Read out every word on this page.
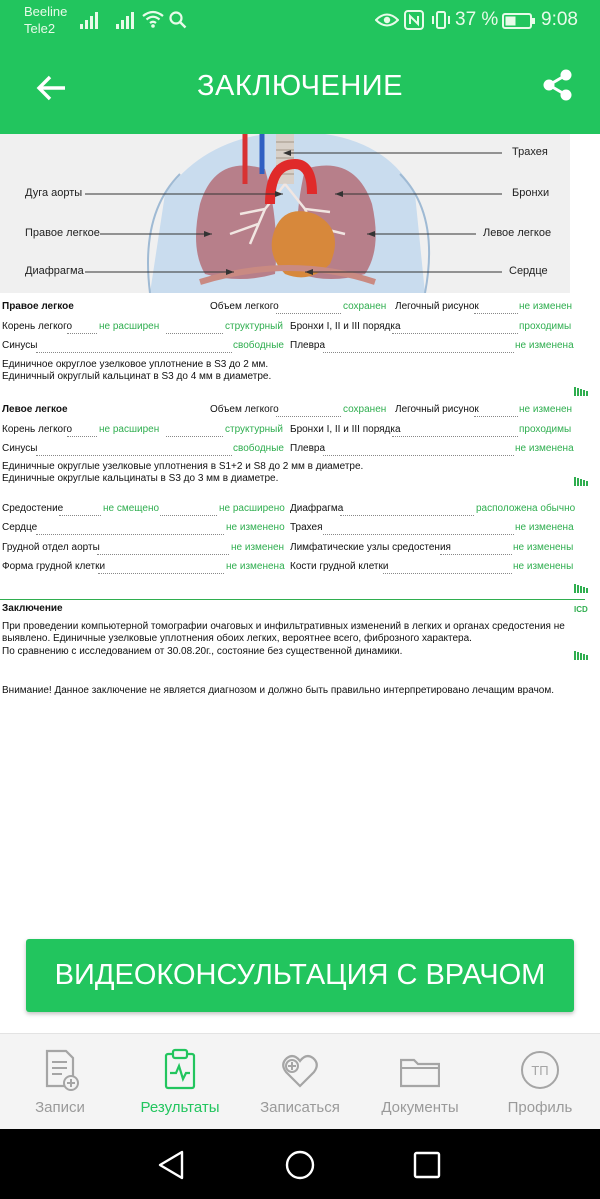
Beeline
Tele2	37 % 9:08
ЗАКЛЮЧЕНИЕ
Трахея
Дуга аорты	Бронхи
Правое легкое	Левое легкое
Диафрагма	Сердце
Правое легкое	Объем легкого	сохранен Легочный рисунок	не изменен
Корень легкого	не расширен	структурный Бронхи I, II и III порядка	проходимы
Синусы	свободные Плевра	не изменена
Единичное округлое узелковое уплотнение в S3 до 2 мм.
Единичный округлый кальцинат в S3 до 4 мм в диаметре.
Левое легкое	Объем легкого	сохранен Легочный рисунок	не изменен
Корень легкого	не расширен	структурный Бронхи I, II и III порядка	проходимы
Синусы	свободные Плевра	не изменена
Единичные округлые узелковые уплотнения в S1+2 и S8 до 2 мм в диаметре.
Единичные округлые кальцинаты в S3 до 3 мм в диаметре.
Средостение	не смещено	не расширено Диафрагма	расположена обычно
Сердце	не изменено Трахея	не изменена
Грудной отдел аорты	не изменен Лимфатические узлы средостения	не изменены
Форма грудной клетки	не изменена Кости грудной клетки	не изменены
Заключение	ICD
При проведении компьютерной томографии очаговых и инфильтративных изменений в легких и органах средостения не
выявлено. Единичные узелковые уплотнения обоих легких, вероятнее всего, фиброзного характера.
По сравнению с исследованием от 30.08.20г., состояние без существенной динамики.
Внимание! Данное заключение не является диагнозом и должно быть правильно интерпретировано лечащим врачом.
ВИДЕОКОНСУЛЬТАЦИЯ С ВРАЧОМ
Записи	Результаты	Записаться	Документы
ТП
Профиль
